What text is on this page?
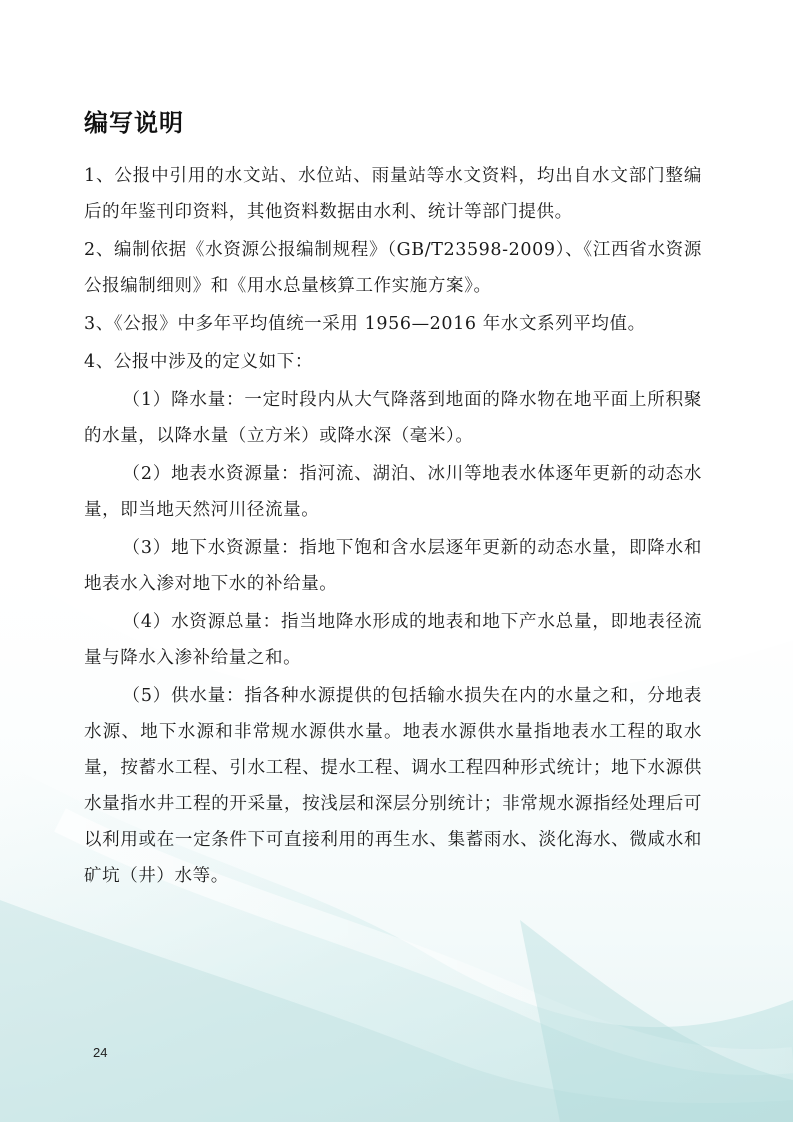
编写说明

1、公报中引用的水文站、水位站、雨量站等水文资料，均出自水文部门整编后的年鉴刊印资料，其他资料数据由水利、统计等部门提供。

2、编制依据《水资源公报编制规程》（GB/T23598-2009）、《江西省水资源公报编制细则》和《用水总量核算工作实施方案》。

3、《公报》中多年平均值统一采用 1956—2016 年水文系列平均值。

4、公报中涉及的定义如下：

（1）降水量：一定时段内从大气降落到地面的降水物在地平面上所积聚的水量，以降水量（立方米）或降水深（毫米）。

（2）地表水资源量：指河流、湖泊、冰川等地表水体逐年更新的动态水量，即当地天然河川径流量。

（3）地下水资源量：指地下饱和含水层逐年更新的动态水量，即降水和地表水入渗对地下水的补给量。

（4）水资源总量：指当地降水形成的地表和地下产水总量，即地表径流量与降水入渗补给量之和。

（5）供水量：指各种水源提供的包括输水损失在内的水量之和，分地表水源、地下水源和非常规水源供水量。地表水源供水量指地表水工程的取水量，按蓄水工程、引水工程、提水工程、调水工程四种形式统计；地下水源供水量指水井工程的开采量，按浅层和深层分别统计；非常规水源指经处理后可以利用或在一定条件下可直接利用的再生水、集蓄雨水、淡化海水、微咸水和矿坑（井）水等。

24
